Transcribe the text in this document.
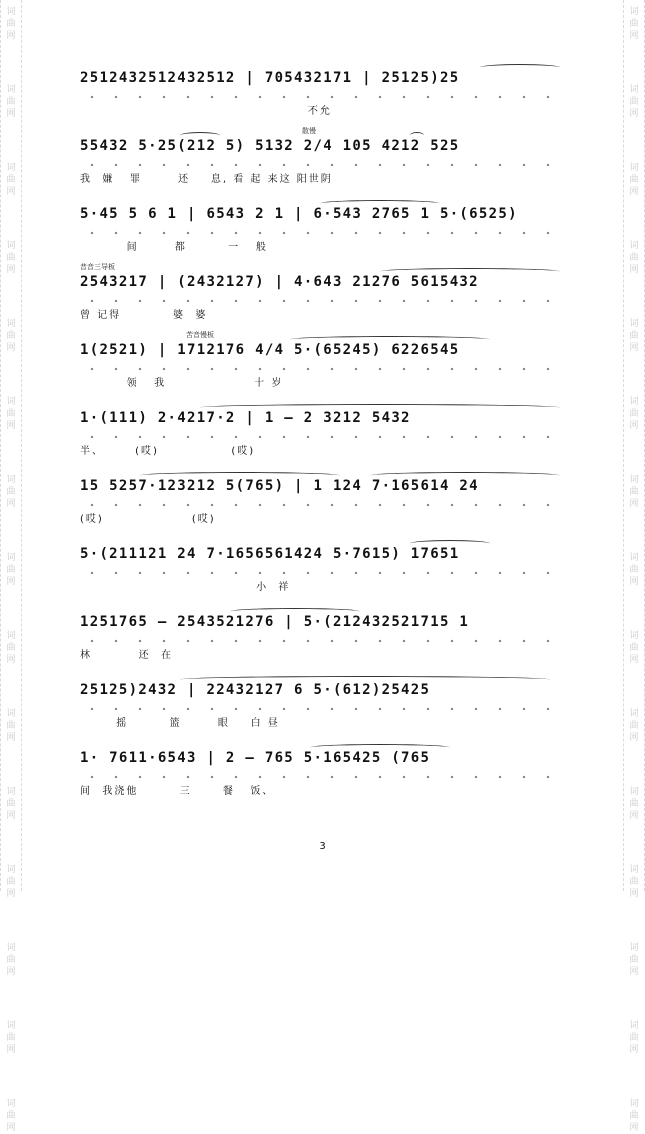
词
曲
网
词
曲
网
词
曲
网
词
曲
网
词
曲
网
词
曲
网
词
曲
网
词
曲
网
词
曲
网
词
曲
网
词
曲
网
词
曲
网
词
曲
网
词
曲
网
词
曲
网
词
曲
网
词
曲
网
词
曲
网
词
曲
网
词
曲
网
词
曲
网
词
曲
网
词
曲
网
词
曲
网
词
曲
网
词
曲
网
词
曲
网
词
曲
网
词
曲
网
词
曲
网
2512432512432512 | 705432171 | 25125)25
不允
散慢
55432 5·25(212 5) 5132 2/4 105 4212 525
我  嫌   罪       还    息, 看 起 来这 阳世阴
5·45 5 6 1 | 6543 2 1 | 6·543 2765 1 5·(6525)
间       都        一   般
昔音三导板
2543217 | (2432127) | 4·643 21276 5615432
曾 记得          婆  婆
苦音慢板
1(2521) | 1712176 4/4 5·(65245) 6226545
领   我                 十 岁
1·(111) 2·4217·2 | 1 — 2 3212 5432
半、      (哎)              (哎)
15 5257·123212 5(765) | 1 124 7·165614 24
(哎)                 (哎)
5·(211121 24 7·1656561424 5·7615) 17651
小  祥
1251765 — 2543521276 | 5·(212432521715 1
林         还  在
25125)2432 | 22432127 6 5·(612)25425
摇        篮       眼    白 昼
1· 7611·6543 | 2 — 765 5·165425 (765
间  我浇他        三      餐   饭、
3
